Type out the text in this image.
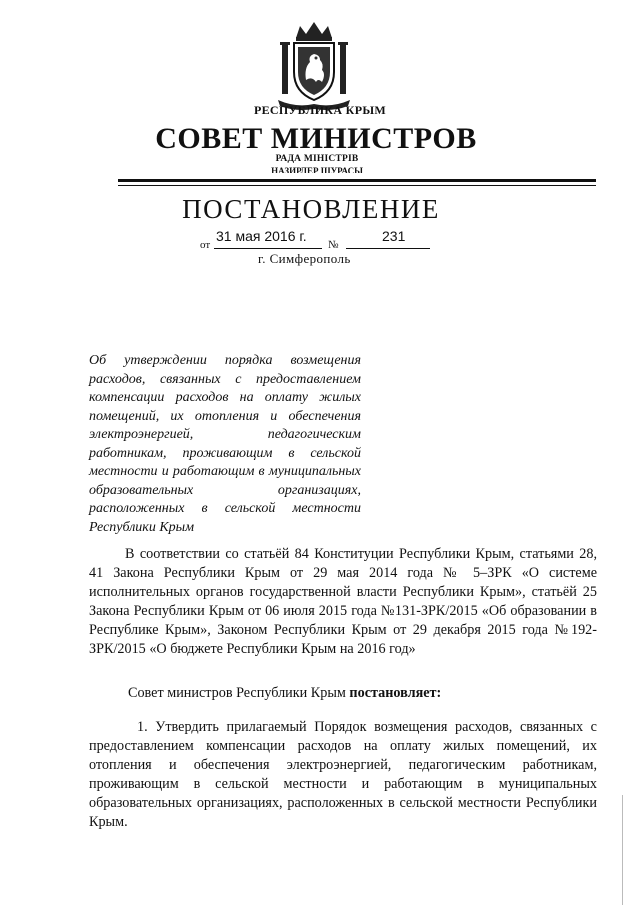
РЕСПУБЛИКА КРЫМ
СОВЕТ МИНИСТРОВ
РАДА МІНІСТРІВ
НАЗИРЛЕР ШУРАСЫ
ПОСТАНОВЛЕНИЕ
от
31 мая 2016 г.
№
231
г. Симферополь
Об утверждении порядка возмещения расходов, связанных с предоставлением компенсации расходов на оплату жилых помещений, их отопления и обеспечения электроэнергией, педагогическим работникам, проживающим в сельской местности и работающим в муниципальных образовательных организациях, расположенных в сельской местности Республики Крым
В соответствии со статьёй 84 Конституции Республики Крым, статьями 28, 41 Закона Республики Крым от 29 мая 2014 года № 5–ЗРК «О системе исполнительных органов государственной власти Республики Крым», статьёй 25 Закона Республики Крым от 06 июля 2015 года №131-ЗРК/2015 «Об образовании в Республике Крым», Законом Республики Крым от 29 декабря 2015 года №192-ЗРК/2015 «О бюджете Республики Крым на 2016 год»
Совет министров Республики Крым постановляет:
1. Утвердить прилагаемый Порядок возмещения расходов, связанных с предоставлением компенсации расходов на оплату жилых помещений, их отопления и обеспечения электроэнергией, педагогическим работникам, проживающим в сельской местности и работающим в муниципальных образовательных организациях, расположенных в сельской местности Республики Крым.
